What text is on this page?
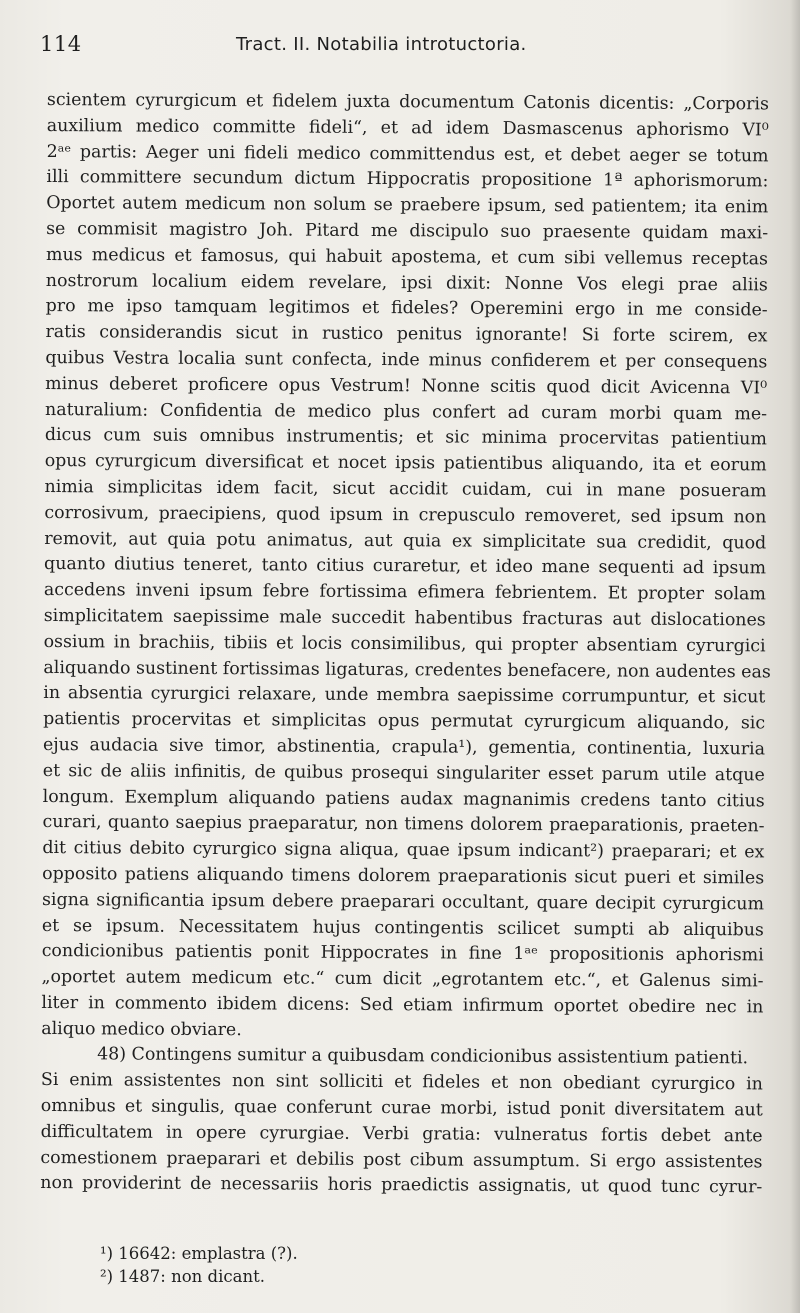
114	Tract. II. Notabilia introtuctoria.
scientem cyrurgicum et fidelem juxta documentum Catonis dicentis: „Corporis
auxilium medico committe fideli“, et ad idem Dasmascenus aphorismo VI⁰
2ᵃᵉ partis: Aeger uni fideli medico committendus est, et debet aeger se totum
illi committere secundum dictum Hippocratis propositione 1ª aphorismorum:
Oportet autem medicum non solum se praebere ipsum, sed patientem; ita enim
se commisit magistro Joh. Pitard me discipulo suo praesente quidam maxi-
mus medicus et famosus, qui habuit apostema, et cum sibi vellemus receptas
nostrorum localium eidem revelare, ipsi dixit: Nonne Vos elegi prae aliis
pro me ipso tamquam legitimos et fideles? Operemini ergo in me conside-
ratis considerandis sicut in rustico penitus ignorante! Si forte scirem, ex
quibus Vestra localia sunt confecta, inde minus confiderem et per consequens
minus deberet proficere opus Vestrum! Nonne scitis quod dicit Avicenna VI⁰
naturalium: Confidentia de medico plus confert ad curam morbi quam me-
dicus cum suis omnibus instrumentis; et sic minima procervitas patientium
opus cyrurgicum diversificat et nocet ipsis patientibus aliquando, ita et eorum
nimia simplicitas idem facit, sicut accidit cuidam, cui in mane posueram
corrosivum, praecipiens, quod ipsum in crepusculo removeret, sed ipsum non
removit, aut quia potu animatus, aut quia ex simplicitate sua credidit, quod
quanto diutius teneret, tanto citius curaretur, et ideo mane sequenti ad ipsum
accedens inveni ipsum febre fortissima efimera febrientem. Et propter solam
simplicitatem saepissime male succedit habentibus fracturas aut dislocationes
ossium in brachiis, tibiis et locis consimilibus, qui propter absentiam cyrurgici
aliquando sustinent fortissimas ligaturas, credentes benefacere, non audentes eas
in absentia cyrurgici relaxare, unde membra saepissime corrumpuntur, et sicut
patientis procervitas et simplicitas opus permutat cyrurgicum aliquando, sic
ejus audacia sive timor, abstinentia, crapula¹), gementia, continentia, luxuria
et sic de aliis infinitis, de quibus prosequi singulariter esset parum utile atque
longum. Exemplum aliquando patiens audax magnanimis credens tanto citius
curari, quanto saepius praeparatur, non timens dolorem praeparationis, praeten-
dit citius debito cyrurgico signa aliqua, quae ipsum indicant²) praeparari; et ex
opposito patiens aliquando timens dolorem praeparationis sicut pueri et similes
signa significantia ipsum debere praeparari occultant, quare decipit cyrurgicum
et se ipsum. Necessitatem hujus contingentis scilicet sumpti ab aliquibus
condicionibus patientis ponit Hippocrates in fine 1ᵃᵉ propositionis aphorismi
„oportet autem medicum etc.“ cum dicit „egrotantem etc.“, et Galenus simi-
liter in commento ibidem dicens: Sed etiam infirmum oportet obedire nec in
aliquo medico obviare.
48) Contingens sumitur a quibusdam condicionibus assistentium patienti.
Si enim assistentes non sint solliciti et fideles et non obediant cyrurgico in
omnibus et singulis, quae conferunt curae morbi, istud ponit diversitatem aut
difficultatem in opere cyrurgiae. Verbi gratia: vulneratus fortis debet ante
comestionem praeparari et debilis post cibum assumptum. Si ergo assistentes
non providerint de necessariis horis praedictis assignatis, ut quod tunc cyrur-
¹) 16642: emplastra (?).
²) 1487: non dicant.
